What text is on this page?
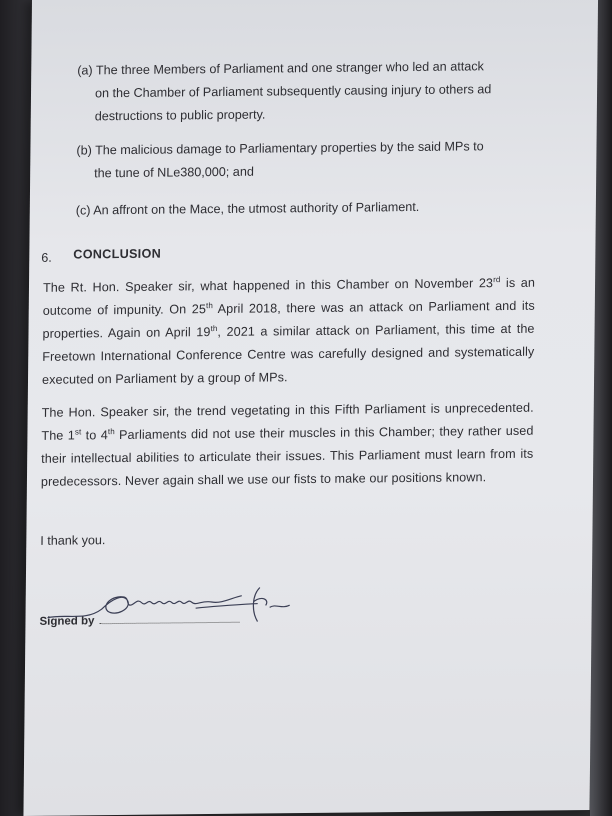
(a) The three Members of Parliament and one stranger who led an attack
on the Chamber of Parliament subsequently causing injury to others ad
destructions to public property.
(b) The malicious damage to Parliamentary properties by the said MPs to
the tune of NLe380,000; and
(c) An affront on the Mace, the utmost authority of Parliament.
6. CONCLUSION
The Rt. Hon. Speaker sir, what happened in this Chamber on November 23rd is an outcome of impunity. On 25th April 2018, there was an attack on Parliament and its properties. Again on April 19th, 2021 a similar attack on Parliament, this time at the Freetown International Conference Centre was carefully designed and systematically executed on Parliament by a group of MPs.
The Hon. Speaker sir, the trend vegetating in this Fifth Parliament is unprecedented. The 1st to 4th Parliaments did not use their muscles in this Chamber; they rather used their intellectual abilities to articulate their issues. This Parliament must learn from its predecessors. Never again shall we use our fists to make our positions known.
I thank you.
Signed by
